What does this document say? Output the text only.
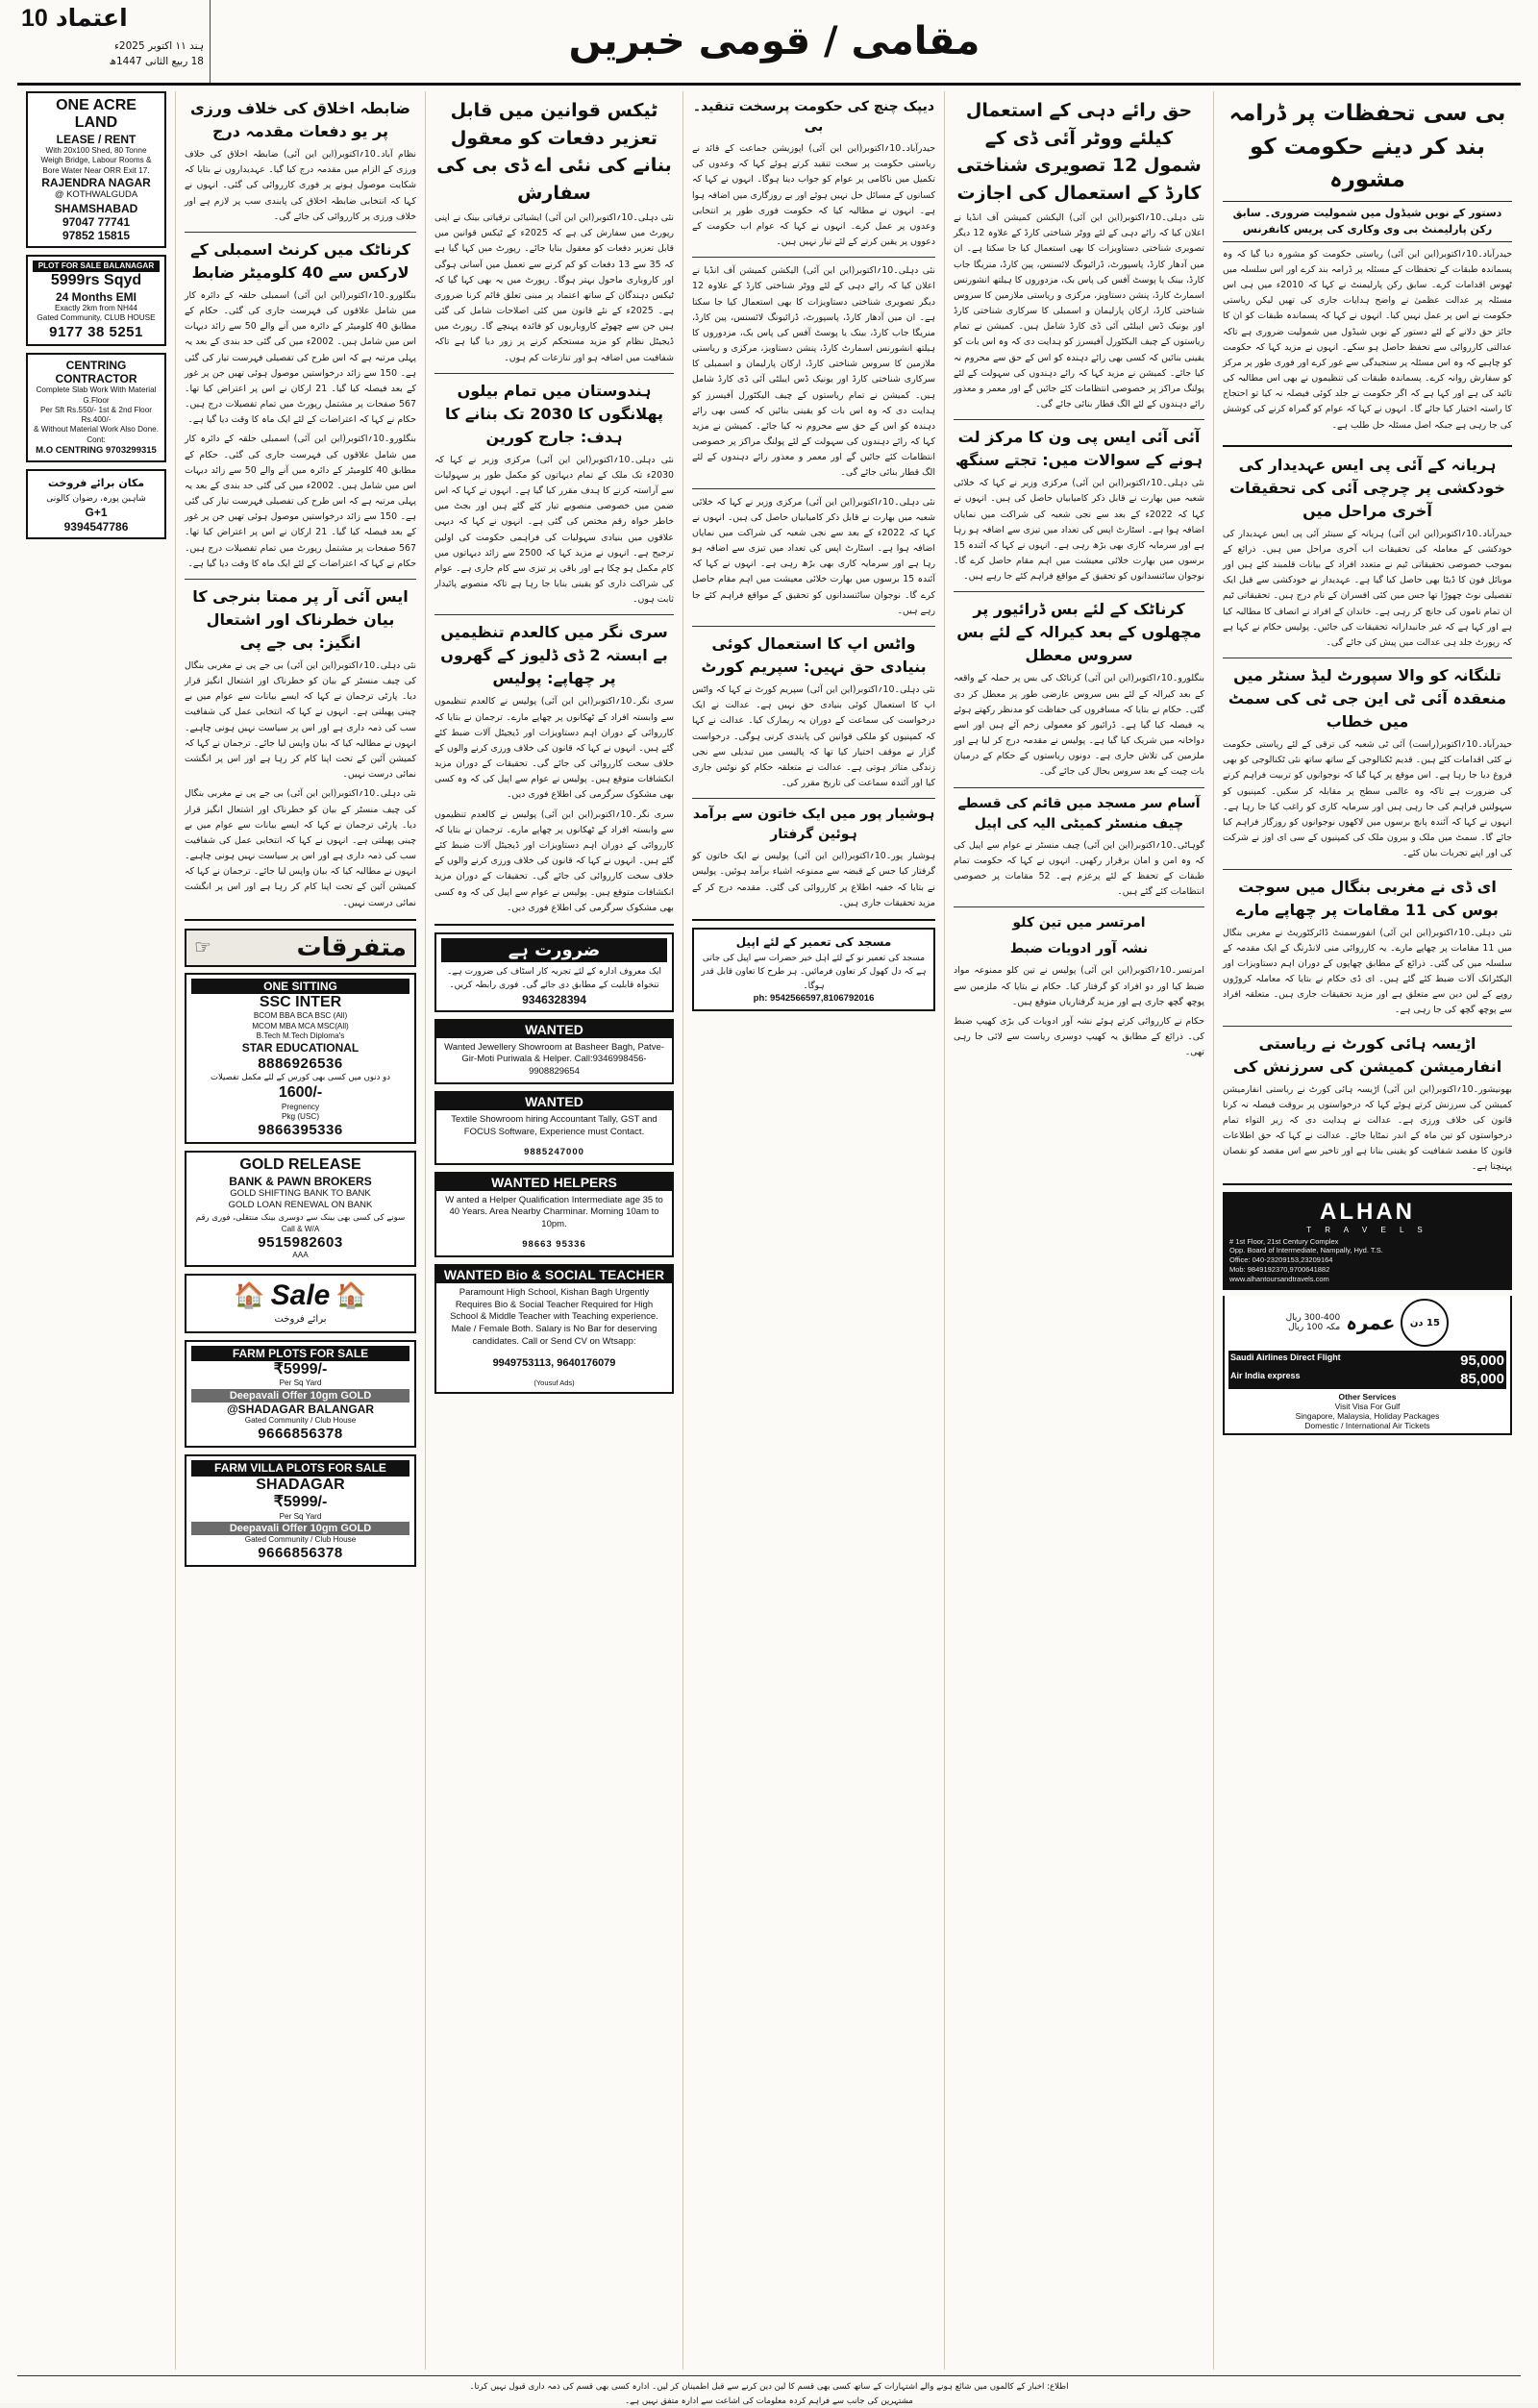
10 اعتماد
ہند ۱۱ اکتوبر 2025ء
18 ربیع الثانی 1447ھ	مقامی / قومی خبریں
بی سی تحفظات پر ڈرامہ بند کر دینے حکومت کو مشورہ
دستور کے نویں شیڈول میں شمولیت ضروری۔ سابق رکن پارلیمنٹ بی وی وکاری کی پریس کانفرنس
حیدرآباد۔10؍اکتوبر(این این آئی) ریاستی حکومت کو مشورہ دیا گیا کہ وہ پسماندہ طبقات کے تحفظات کے مسئلہ پر ڈرامہ بند کرے اور اس سلسلہ میں ٹھوس اقدامات کرے۔ سابق رکن پارلیمنٹ نے کہا کہ 2010ء میں ہی اس مسئلہ پر عدالت عظمیٰ نے واضح ہدایات جاری کی تھیں لیکن ریاستی حکومت نے اس پر عمل نہیں کیا۔ انہوں نے کہا کہ پسماندہ طبقات کو ان کا جائز حق دلانے کے لئے دستور کے نویں شیڈول میں شمولیت ضروری ہے تاکہ عدالتی کارروائی سے تحفظ حاصل ہو سکے۔ انہوں نے مزید کہا کہ حکومت کو چاہیے کہ وہ اس مسئلہ پر سنجیدگی سے غور کرے اور فوری طور پر مرکز کو سفارش روانہ کرے۔ پسماندہ طبقات کی تنظیموں نے بھی اس مطالبہ کی تائید کی ہے اور کہا ہے کہ اگر حکومت نے جلد کوئی فیصلہ نہ کیا تو احتجاج کا راستہ اختیار کیا جائے گا۔ انہوں نے کہا کہ عوام کو گمراہ کرنے کی کوشش کی جا رہی ہے جبکہ اصل مسئلہ حل طلب ہے۔
ہریانہ کے آئی پی ایس عہدیدار کی خودکشی پر چرچی آئی کی تحقیقات آخری مراحل میں
حیدرآباد۔10؍اکتوبر(این این آئی) ہریانہ کے سینئر آئی پی ایس عہدیدار کی خودکشی کے معاملہ کی تحقیقات اب آخری مراحل میں ہیں۔ ذرائع کے بموجب خصوصی تحقیقاتی ٹیم نے متعدد افراد کے بیانات قلمبند کئے ہیں اور موبائل فون کا ڈیٹا بھی حاصل کیا گیا ہے۔ عہدیدار نے خودکشی سے قبل ایک تفصیلی نوٹ چھوڑا تھا جس میں کئی افسران کے نام درج ہیں۔ تحقیقاتی ٹیم ان تمام ناموں کی جانچ کر رہی ہے۔ خاندان کے افراد نے انصاف کا مطالبہ کیا ہے اور کہا ہے کہ غیر جانبدارانہ تحقیقات کی جائیں۔ پولیس حکام نے کہا ہے کہ رپورٹ جلد ہی عدالت میں پیش کی جائے گی۔
تلنگانہ کو والا سپورٹ لیڈ سنٹر میں منعقدہ آئی ٹی این جی ٹی کی سمٹ میں خطاب
حیدرآباد۔10؍اکتوبر(راست) آئی ٹی شعبہ کی ترقی کے لئے ریاستی حکومت نے کئی اقدامات کئے ہیں۔ قدیم ٹکنالوجی کے ساتھ ساتھ نئی ٹکنالوجی کو بھی فروغ دیا جا رہا ہے۔ اس موقع پر کہا گیا کہ نوجوانوں کو تربیت فراہم کرنے کی ضرورت ہے تاکہ وہ عالمی سطح پر مقابلہ کر سکیں۔ کمپنیوں کو سہولتیں فراہم کی جا رہی ہیں اور سرمایہ کاری کو راغب کیا جا رہا ہے۔ انہوں نے کہا کہ آئندہ پانچ برسوں میں لاکھوں نوجوانوں کو روزگار فراہم کیا جائے گا۔ سمٹ میں ملک و بیرون ملک کی کمپنیوں کے سی ای اوز نے شرکت کی اور اپنے تجربات بیان کئے۔
ای ڈی نے مغربی بنگال میں سوجت بوس کی 11 مقامات پر چھاپے مارے
نئی دہلی۔10؍اکتوبر(این این آئی) انفورسمنٹ ڈائرکٹوریٹ نے مغربی بنگال میں 11 مقامات پر چھاپے مارے۔ یہ کارروائی منی لانڈرنگ کے ایک مقدمہ کے سلسلہ میں کی گئی۔ ذرائع کے مطابق چھاپوں کے دوران اہم دستاویزات اور الیکٹرانک آلات ضبط کئے گئے ہیں۔ ای ڈی حکام نے بتایا کہ معاملہ کروڑوں روپے کے لین دین سے متعلق ہے اور مزید تحقیقات جاری ہیں۔ متعلقہ افراد سے پوچھ گچھ کی جا رہی ہے۔
اڑیسہ ہائی کورٹ نے ریاستی انفارمیشن کمیشن کی سرزنش کی
بھونیشور۔10؍اکتوبر(این این آئی) اڑیسہ ہائی کورٹ نے ریاستی انفارمیشن کمیشن کی سرزنش کرتے ہوئے کہا کہ درخواستوں پر بروقت فیصلہ نہ کرنا قانون کی خلاف ورزی ہے۔ عدالت نے ہدایت دی کہ زیر التواء تمام درخواستوں کو تین ماہ کے اندر نمٹایا جائے۔ عدالت نے کہا کہ حق اطلاعات قانون کا مقصد شفافیت کو یقینی بنانا ہے اور تاخیر سے اس مقصد کو نقصان پہنچتا ہے۔
ALHAN
T R A V E L S
# 1st Floor, 21st Century Complex
Opp. Board of Intermediate, Nampally, Hyd. T.S.
Office: 040-23209153,23209164
Mob: 9849192370,9700641882
www.alhantoursandtravels.com
15 دن
عمرہ
300-400 ریال
مکہ 100 ریال
Saudi Airlines Direct Flight	95,000
Air India express	85,000
Other Services
Visit Visa For Gulf
Singapore, Malaysia, Holiday Packages
Domestic / International Air Tickets
حق رائے دہی کے استعمال کیلئے ووٹر آئی ڈی کے شمول 12 تصویری شناختی کارڈ کے استعمال کی اجازت
نئی دہلی۔10؍اکتوبر(این این آئی) الیکشن کمیشن آف انڈیا نے اعلان کیا کہ رائے دہی کے لئے ووٹر شناختی کارڈ کے علاوہ 12 دیگر تصویری شناختی دستاویزات کا بھی استعمال کیا جا سکتا ہے۔ ان میں آدھار کارڈ، پاسپورٹ، ڈرائیونگ لائسنس، پین کارڈ، منریگا جاب کارڈ، بینک یا پوسٹ آفس کی پاس بک، مزدوروں کا ہیلتھ انشورنس اسمارٹ کارڈ، پنشن دستاویز، مرکزی و ریاستی ملازمین کا سروس شناختی کارڈ، ارکان پارلیمان و اسمبلی کا سرکاری شناختی کارڈ اور یونیک ڈس ایبلٹی آئی ڈی کارڈ شامل ہیں۔ کمیشن نے تمام ریاستوں کے چیف الیکٹورل آفیسرز کو ہدایت دی کہ وہ اس بات کو یقینی بنائیں کہ کسی بھی رائے دہندہ کو اس کے حق سے محروم نہ کیا جائے۔ کمیشن نے مزید کہا کہ رائے دہندوں کی سہولت کے لئے پولنگ مراکز پر خصوصی انتظامات کئے جائیں گے اور معمر و معذور رائے دہندوں کے لئے الگ قطار بنائی جائے گی۔
آئی آئی ایس پی ون کا مرکز لت ہونے کے سوالات میں: تجتے سنگھ
نئی دہلی۔10؍اکتوبر(این این آئی) مرکزی وزیر نے کہا کہ خلائی شعبہ میں بھارت نے قابل ذکر کامیابیاں حاصل کی ہیں۔ انہوں نے کہا کہ 2022ء کے بعد سے نجی شعبہ کی شراکت میں نمایاں اضافہ ہوا ہے۔ اسٹارٹ اپس کی تعداد میں تیزی سے اضافہ ہو رہا ہے اور سرمایہ کاری بھی بڑھ رہی ہے۔ انہوں نے کہا کہ آئندہ 15 برسوں میں بھارت خلائی معیشت میں اہم مقام حاصل کرے گا۔ نوجوان سائنسدانوں کو تحقیق کے مواقع فراہم کئے جا رہے ہیں۔
کرناٹک کے لئے بس ڈرائیور پر مچھلوں کے بعد کیرالہ کے لئے بس سروس معطل
بنگلورو۔10؍اکتوبر(این این آئی) کرناٹک کی بس پر حملہ کے واقعہ کے بعد کیرالہ کے لئے بس سروس عارضی طور پر معطل کر دی گئی۔ حکام نے بتایا کہ مسافروں کی حفاظت کو مدنظر رکھتے ہوئے یہ فیصلہ کیا گیا ہے۔ ڈرائیور کو معمولی زخم آئے ہیں اور اسے دواخانہ میں شریک کیا گیا ہے۔ پولیس نے مقدمہ درج کر لیا ہے اور ملزمین کی تلاش جاری ہے۔ دونوں ریاستوں کے حکام کے درمیان بات چیت کے بعد سروس بحال کی جائے گی۔
آسام سر مسجد میں قائم کی قسطے چیف منسٹر کمیٹی الیہ کی اپیل
گوہاٹی۔10؍اکتوبر(این این آئی) چیف منسٹر نے عوام سے اپیل کی کہ وہ امن و امان برقرار رکھیں۔ انہوں نے کہا کہ حکومت تمام طبقات کے تحفظ کے لئے پرعزم ہے۔ 52 مقامات پر خصوصی انتظامات کئے گئے ہیں۔
امرتسر میں تین کلو
نشہ آور ادویات ضبط
امرتسر۔10؍اکتوبر(این این آئی) پولیس نے تین کلو ممنوعہ مواد ضبط کیا اور دو افراد کو گرفتار کیا۔ حکام نے بتایا کہ ملزمین سے پوچھ گچھ جاری ہے اور مزید گرفتاریاں متوقع ہیں۔
حکام نے کارروائی کرتے ہوئے نشہ آور ادویات کی بڑی کھیپ ضبط کی۔ ذرائع کے مطابق یہ کھیپ دوسری ریاست سے لائی جا رہی تھی۔
دیپک چنچ کی حکومت پرسخت تنقید۔ بی
حیدرآباد۔10؍اکتوبر(این این آئی) اپوزیشن جماعت کے قائد نے ریاستی حکومت پر سخت تنقید کرتے ہوئے کہا کہ وعدوں کی تکمیل میں ناکامی پر عوام کو جواب دینا ہوگا۔ انہوں نے کہا کہ کسانوں کے مسائل حل نہیں ہوئے اور بے روزگاری میں اضافہ ہوا ہے۔ انہوں نے مطالبہ کیا کہ حکومت فوری طور پر انتخابی وعدوں پر عمل کرے۔ انہوں نے کہا کہ عوام اب حکومت کے دعووں پر یقین کرنے کے لئے تیار نہیں ہیں۔
نئی دہلی۔10؍اکتوبر(این این آئی) الیکشن کمیشن آف انڈیا نے اعلان کیا کہ رائے دہی کے لئے ووٹر شناختی کارڈ کے علاوہ 12 دیگر تصویری شناختی دستاویزات کا بھی استعمال کیا جا سکتا ہے۔ ان میں آدھار کارڈ، پاسپورٹ، ڈرائیونگ لائسنس، پین کارڈ، منریگا جاب کارڈ، بینک یا پوسٹ آفس کی پاس بک، مزدوروں کا ہیلتھ انشورنس اسمارٹ کارڈ، پنشن دستاویز، مرکزی و ریاستی ملازمین کا سروس شناختی کارڈ، ارکان پارلیمان و اسمبلی کا سرکاری شناختی کارڈ اور یونیک ڈس ایبلٹی آئی ڈی کارڈ شامل ہیں۔ کمیشن نے تمام ریاستوں کے چیف الیکٹورل آفیسرز کو ہدایت دی کہ وہ اس بات کو یقینی بنائیں کہ کسی بھی رائے دہندہ کو اس کے حق سے محروم نہ کیا جائے۔ کمیشن نے مزید کہا کہ رائے دہندوں کی سہولت کے لئے پولنگ مراکز پر خصوصی انتظامات کئے جائیں گے اور معمر و معذور رائے دہندوں کے لئے الگ قطار بنائی جائے گی۔
نئی دہلی۔10؍اکتوبر(این این آئی) مرکزی وزیر نے کہا کہ خلائی شعبہ میں بھارت نے قابل ذکر کامیابیاں حاصل کی ہیں۔ انہوں نے کہا کہ 2022ء کے بعد سے نجی شعبہ کی شراکت میں نمایاں اضافہ ہوا ہے۔ اسٹارٹ اپس کی تعداد میں تیزی سے اضافہ ہو رہا ہے اور سرمایہ کاری بھی بڑھ رہی ہے۔ انہوں نے کہا کہ آئندہ 15 برسوں میں بھارت خلائی معیشت میں اہم مقام حاصل کرے گا۔ نوجوان سائنسدانوں کو تحقیق کے مواقع فراہم کئے جا رہے ہیں۔
واٹس اپ کا استعمال کوئی بنیادی حق نہیں: سپریم کورٹ
نئی دہلی۔10؍اکتوبر(این این آئی) سپریم کورٹ نے کہا کہ واٹس اپ کا استعمال کوئی بنیادی حق نہیں ہے۔ عدالت نے ایک درخواست کی سماعت کے دوران یہ ریمارک کیا۔ عدالت نے کہا کہ کمپنیوں کو ملکی قوانین کی پابندی کرنی ہوگی۔ درخواست گزار نے موقف اختیار کیا تھا کہ پالیسی میں تبدیلی سے نجی زندگی متاثر ہوتی ہے۔ عدالت نے متعلقہ حکام کو نوٹس جاری کیا اور آئندہ سماعت کی تاریخ مقرر کی۔
ہوشیار پور میں ایک خاتون سے برآمد ہوئین گرفتار
ہوشیار پور۔10؍اکتوبر(این این آئی) پولیس نے ایک خاتون کو گرفتار کیا جس کے قبضہ سے ممنوعہ اشیاء برآمد ہوئیں۔ پولیس نے بتایا کہ خفیہ اطلاع پر کارروائی کی گئی۔ مقدمہ درج کر کے مزید تحقیقات جاری ہیں۔
مسجد کی تعمیر کے لئے اپیل
مسجد کی تعمیر نو کے لئے اہل خیر حضرات سے اپیل کی جاتی ہے کہ دل کھول کر تعاون فرمائیں۔ ہر طرح کا تعاون قابل قدر ہوگا۔
ph: 9542566597,8106792016
ٹیکس قوانین میں قابل تعزیر دفعات کو معقول بنانے کی نئی اے ڈی بی کی سفارش
نئی دہلی۔10؍اکتوبر(این این آئی) ایشیائی ترقیاتی بینک نے اپنی رپورٹ میں سفارش کی ہے کہ 2025ء کے ٹیکس قوانین میں قابل تعزیر دفعات کو معقول بنایا جائے۔ رپورٹ میں کہا گیا ہے کہ 35 سے 13 دفعات کو کم کرنے سے تعمیل میں آسانی ہوگی اور کاروباری ماحول بہتر ہوگا۔ رپورٹ میں یہ بھی کہا گیا کہ ٹیکس دہندگان کے ساتھ اعتماد پر مبنی تعلق قائم کرنا ضروری ہے۔ 2025ء کے نئے قانون میں کئی اصلاحات شامل کی گئی ہیں جن سے چھوٹے کاروباریوں کو فائدہ پہنچے گا۔ رپورٹ میں ڈیجیٹل نظام کو مزید مستحکم کرنے پر زور دیا گیا ہے تاکہ شفافیت میں اضافہ ہو اور تنازعات کم ہوں۔
ہندوستان میں تمام بیلوں پھلانگوں کا 2030 تک بنانے کا ہدف: جارج کورین
نئی دہلی۔10؍اکتوبر(این این آئی) مرکزی وزیر نے کہا کہ 2030ء تک ملک کے تمام دیہاتوں کو مکمل طور پر سہولیات سے آراستہ کرنے کا ہدف مقرر کیا گیا ہے۔ انہوں نے کہا کہ اس ضمن میں خصوصی منصوبے تیار کئے گئے ہیں اور بجٹ میں خاطر خواہ رقم مختص کی گئی ہے۔ انہوں نے کہا کہ دیہی علاقوں میں بنیادی سہولیات کی فراہمی حکومت کی اولین ترجیح ہے۔ انہوں نے مزید کہا کہ 2500 سے زائد دیہاتوں میں کام مکمل ہو چکا ہے اور باقی پر تیزی سے کام جاری ہے۔ عوام کی شراکت داری کو یقینی بنایا جا رہا ہے تاکہ منصوبے پائیدار ثابت ہوں۔
سری نگر میں کالعدم تنظیمیں بے ابستہ 2 ڈی ڈلیوز کے گھروں پر چھاپے: پولیس
سری نگر۔10؍اکتوبر(این این آئی) پولیس نے کالعدم تنظیموں سے وابستہ افراد کے ٹھکانوں پر چھاپے مارے۔ ترجمان نے بتایا کہ کارروائی کے دوران اہم دستاویزات اور ڈیجیٹل آلات ضبط کئے گئے ہیں۔ انہوں نے کہا کہ قانون کی خلاف ورزی کرنے والوں کے خلاف سخت کارروائی کی جائے گی۔ تحقیقات کے دوران مزید انکشافات متوقع ہیں۔ پولیس نے عوام سے اپیل کی کہ وہ کسی بھی مشکوک سرگرمی کی اطلاع فوری دیں۔
سری نگر۔10؍اکتوبر(این این آئی) پولیس نے کالعدم تنظیموں سے وابستہ افراد کے ٹھکانوں پر چھاپے مارے۔ ترجمان نے بتایا کہ کارروائی کے دوران اہم دستاویزات اور ڈیجیٹل آلات ضبط کئے گئے ہیں۔ انہوں نے کہا کہ قانون کی خلاف ورزی کرنے والوں کے خلاف سخت کارروائی کی جائے گی۔ تحقیقات کے دوران مزید انکشافات متوقع ہیں۔ پولیس نے عوام سے اپیل کی کہ وہ کسی بھی مشکوک سرگرمی کی اطلاع فوری دیں۔
ضرورت ہے
ایک معروف ادارہ کے لئے تجربہ کار اسٹاف کی ضرورت ہے۔ تنخواہ قابلیت کے مطابق دی جائے گی۔ فوری رابطہ کریں۔
9346328394
WANTED
Wanted Jewellery Showroom at Basheer Bagh, Patve-Gir-Moti Puriwala & Helper. Call:9346998456-9908829654
WANTED
Textile Showroom hiring Accountant Tally, GST and FOCUS Software, Experience must Contact.
9885247000
WANTED HELPERS
W anted a Helper Qualification Intermediate age 35 to 40 Years. Area Nearby Charminar. Morning 10am to 10pm.
98663 95336
WANTED Bio & SOCIAL TEACHER
Paramount High School, Kishan Bagh Urgently Requires Bio & Social Teacher Required for High School & Middle Teacher with Teaching experience. Male / Female Both. Salary is No Bar for deserving candidates. Call or Send CV on Wtsapp:
9949753113, 9640176079
(Yousuf Ads)
ضابطہ اخلاق کی خلاف ورزی پر یو دفعات مقدمہ درج
نظام آباد۔10؍اکتوبر(این این آئی) ضابطہ اخلاق کی خلاف ورزی کے الزام میں مقدمہ درج کیا گیا۔ عہدیداروں نے بتایا کہ شکایت موصول ہونے پر فوری کارروائی کی گئی۔ انہوں نے کہا کہ انتخابی ضابطہ اخلاق کی پابندی سب پر لازم ہے اور خلاف ورزی پر کارروائی کی جائے گی۔
کرناٹک میں کرنٹ اسمبلی کے لارکس سے 40 کلومیٹر ضابط
بنگلورو۔10؍اکتوبر(این این آئی) اسمبلی حلقہ کے دائرہ کار میں شامل علاقوں کی فہرست جاری کی گئی۔ حکام کے مطابق 40 کلومیٹر کے دائرہ میں آنے والے 50 سے زائد دیہات اس میں شامل ہیں۔ 2002ء میں کی گئی حد بندی کے بعد یہ پہلی مرتبہ ہے کہ اس طرح کی تفصیلی فہرست تیار کی گئی ہے۔ 150 سے زائد درخواستیں موصول ہوئی تھیں جن پر غور کے بعد فیصلہ کیا گیا۔ 21 ارکان نے اس پر اعتراض کیا تھا۔ 567 صفحات پر مشتمل رپورٹ میں تمام تفصیلات درج ہیں۔ حکام نے کہا کہ اعتراضات کے لئے ایک ماہ کا وقت دیا گیا ہے۔
بنگلورو۔10؍اکتوبر(این این آئی) اسمبلی حلقہ کے دائرہ کار میں شامل علاقوں کی فہرست جاری کی گئی۔ حکام کے مطابق 40 کلومیٹر کے دائرہ میں آنے والے 50 سے زائد دیہات اس میں شامل ہیں۔ 2002ء میں کی گئی حد بندی کے بعد یہ پہلی مرتبہ ہے کہ اس طرح کی تفصیلی فہرست تیار کی گئی ہے۔ 150 سے زائد درخواستیں موصول ہوئی تھیں جن پر غور کے بعد فیصلہ کیا گیا۔ 21 ارکان نے اس پر اعتراض کیا تھا۔ 567 صفحات پر مشتمل رپورٹ میں تمام تفصیلات درج ہیں۔ حکام نے کہا کہ اعتراضات کے لئے ایک ماہ کا وقت دیا گیا ہے۔
ایس آئی آر پر ممتا بنرجی کا بیان خطرناک اور اشتعال انگیز: بی جے پی
نئی دہلی۔10؍اکتوبر(این این آئی) بی جے پی نے مغربی بنگال کی چیف منسٹر کے بیان کو خطرناک اور اشتعال انگیز قرار دیا۔ پارٹی ترجمان نے کہا کہ ایسے بیانات سے عوام میں بے چینی پھیلتی ہے۔ انہوں نے کہا کہ انتخابی عمل کی شفافیت سب کی ذمہ داری ہے اور اس پر سیاست نہیں ہونی چاہیے۔ انہوں نے مطالبہ کیا کہ بیان واپس لیا جائے۔ ترجمان نے کہا کہ کمیشن آئین کے تحت اپنا کام کر رہا ہے اور اس پر انگشت نمائی درست نہیں۔
نئی دہلی۔10؍اکتوبر(این این آئی) بی جے پی نے مغربی بنگال کی چیف منسٹر کے بیان کو خطرناک اور اشتعال انگیز قرار دیا۔ پارٹی ترجمان نے کہا کہ ایسے بیانات سے عوام میں بے چینی پھیلتی ہے۔ انہوں نے کہا کہ انتخابی عمل کی شفافیت سب کی ذمہ داری ہے اور اس پر سیاست نہیں ہونی چاہیے۔ انہوں نے مطالبہ کیا کہ بیان واپس لیا جائے۔ ترجمان نے کہا کہ کمیشن آئین کے تحت اپنا کام کر رہا ہے اور اس پر انگشت نمائی درست نہیں۔
☞	متفرقات
ONE SITTING
SSC INTER
BCOM BBA BCA BSC (All)
MCOM MBA MCA MSC(All)
B.Tech M.Tech Diploma's
STAR EDUCATIONAL
8886926536
دو دنوں میں کسی بھی کورس کے لئے مکمل تفصیلات
1600/-
Pregnency
Pkg (USC)
9866395336
GOLD RELEASE
BANK & PAWN BROKERS
GOLD SHIFTING BANK TO BANK
GOLD LOAN RENEWAL ON BANK
سونے کی کسی بھی بینک سے دوسری بینک منتقلی، فوری رقم
Call & W/A
9515982603
AAA
🏠 Sale 🏠
برائے فروخت
FARM PLOTS FOR SALE
₹5999/-
Per Sq Yard
Deepavali Offer 10gm GOLD
@SHADAGAR BALANGAR
Gated Community / Club House
9666856378
FARM VILLA PLOTS FOR SALE
SHADAGAR
₹5999/-
Per Sq Yard
Deepavali Offer 10gm GOLD
Gated Community / Club House
9666856378
ONE ACRE LAND
LEASE / RENT
With 20x100 Shed, 80 Tonne
Weigh Bridge, Labour Rooms &
Bore Water Near ORR Exit 17.
RAJENDRA NAGAR
@ KOTHWALGUDA
SHAMSHABAD
97047 77741
97852 15815
PLOT FOR SALE BALANAGAR
5999rs Sqyd
24 Months EMI
Exactly 2km from NH44
Gated Community, CLUB HOUSE
9177 38 5251
CENTRING CONTRACTOR
Complete Slab Work With Material G.Floor
Per Sft Rs.550/- 1st & 2nd Floor Rs.400/-
& Without Material Work Also Done. Cont:
M.O CENTRING 9703299315
مکان برائے فروخت
شاہین پورہ، رضوان کالونی
G+1
9394547786
اطلاع: اخبار کے کالموں میں شائع ہونے والے اشتہارات کے ساتھ کسی بھی قسم کا لین دین کرنے سے قبل اطمینان کر لیں۔ ادارہ کسی بھی قسم کی ذمہ داری قبول نہیں کرتا۔
مشتہرین کی جانب سے فراہم کردہ معلومات کی اشاعت سے ادارہ متفق نہیں ہے۔
